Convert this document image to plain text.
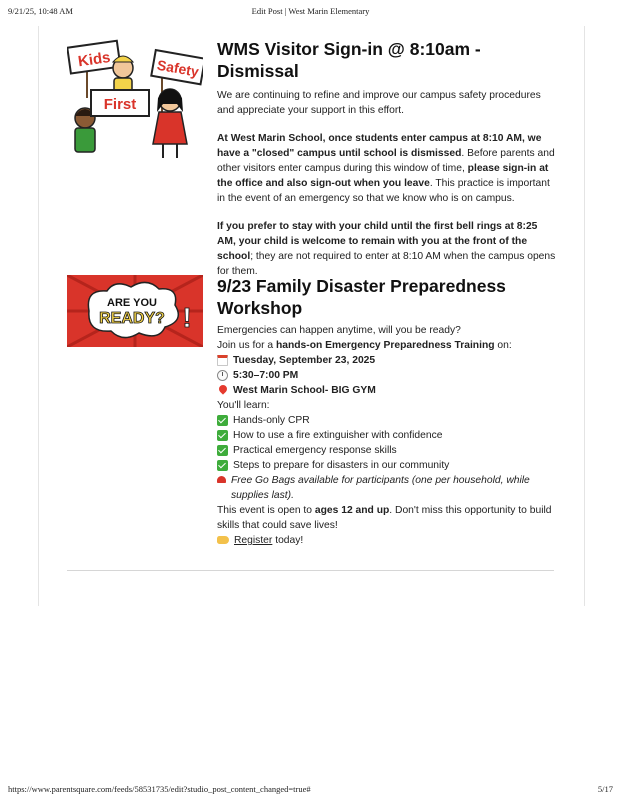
9/21/25, 10:48 AM	Edit Post | West Marin Elementary
Kids	Safety
First
WMS Visitor Sign-in @ 8:10am - Dismissal

We are continuing to refine and improve our campus safety procedures and appreciate your support in this effort.

At West Marin School, once students enter campus at 8:10 AM, we have a "closed" campus until school is dismissed. Before parents and other visitors enter campus during this window of time, please sign-in at the office and also sign-out when you leave. This practice is important in the event of an emergency so that we know who is on campus.

If you prefer to stay with your child until the first bell rings at 8:25 AM, your child is welcome to remain with you at the front of the school; they are not required to enter at 8:10 AM when the campus opens for them.

ARE YOU
READY? !
9/23 Family Disaster Preparedness Workshop

Emergencies can happen anytime, will you be ready?

Join us for a hands-on Emergency Preparedness Training on:

Tuesday, September 23, 2025
5:30–7:00 PM
West Marin School- BIG GYM

You'll learn:

Hands-only CPR
How to use a fire extinguisher with confidence
Practical emergency response skills
Steps to prepare for disasters in our community
Free Go Bags available for participants (one per household, while supplies last).

This event is open to ages 12 and up. Don't miss this opportunity to build skills that could save lives!

Register today!
https://www.parentsquare.com/feeds/58531735/edit?studio_post_content_changed=true#	5/17
